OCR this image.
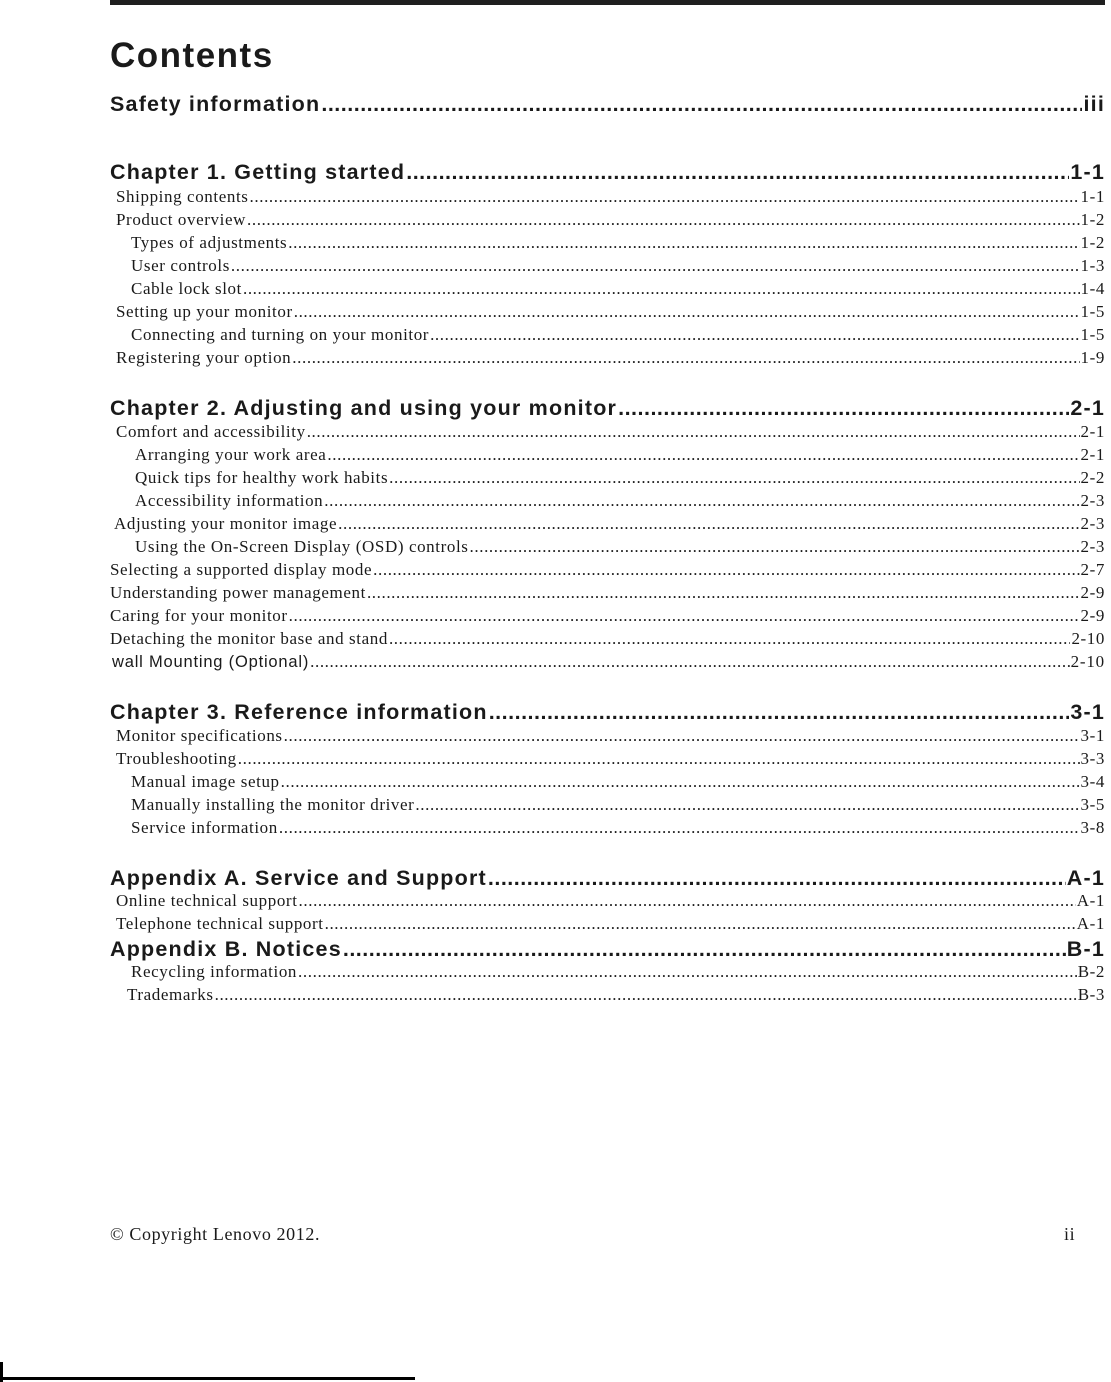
Contents
Safety information .....	iii
Chapter 1. Getting started .....	1-1
Shipping contents .....	1-1
Product overview .....	1-2
Types of adjustments .....	1-2
User controls .....	1-3
Cable lock slot .....	1-4
Setting up your monitor .....	1-5
Connecting and turning on your monitor .....	1-5
Registering your option .....	1-9
Chapter 2. Adjusting and using your monitor .....	2-1
Comfort and accessibility .....	2-1
Arranging your work area .....	2-1
Quick tips for healthy work habits .....	2-2
Accessibility information .....	2-3
Adjusting your monitor image .....	2-3
Using the On-Screen Display (OSD) controls .....	2-3
Selecting a supported display mode .....	2-7
Understanding power management .....	2-9
Caring for your monitor .....	2-9
Detaching the monitor base and stand .....	2-10
wall Mounting (Optional) .....	2-10
Chapter 3. Reference information .....	3-1
Monitor specifications .....	3-1
Troubleshooting .....	3-3
Manual image setup .....	3-4
Manually installing the monitor driver .....	3-5
Service information .....	3-8
Appendix A. Service and Support .....	A-1
Online technical support .....	A-1
Telephone technical support .....	A-1
Appendix B. Notices .....	B-1
Recycling information .....	B-2
Trademarks .....	B-3
© Copyright Lenovo 2012.	ii
